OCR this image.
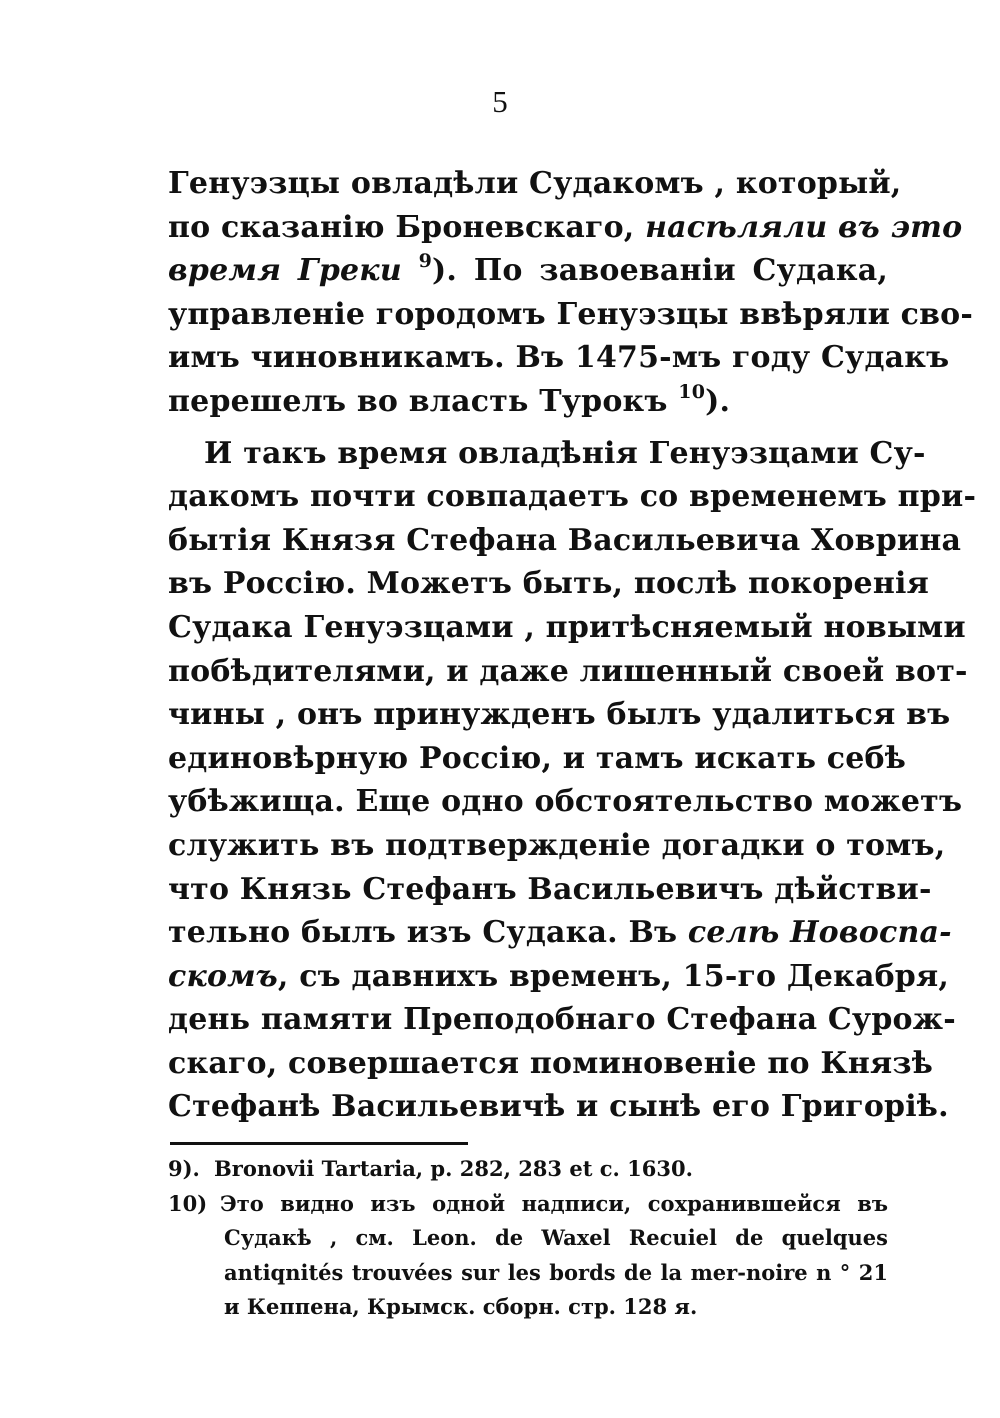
5
Генуэзцы овладѣли Судакомъ , который,
по сказанію Броневскаго, насѣляли въ это
время Греки $^9$). По завоеваніи Судака,
управленіе городомъ Генуэзцы ввѣряли сво-
имъ чиновникамъ. Въ 1475-мъ году Судакъ
перешелъ во власть Турокъ $^{10}$).
И такъ время овладѣнія Генуэзцами Су-
дакомъ почти совпадаетъ со временемъ при-
бытія Князя Стефана Васильевича Ховрина
въ Россію. Можетъ быть, послѣ покоренія
Судака Генуэзцами , притѣсняемый новыми
побѣдителями, и даже лишенный своей вот-
чины , онъ принужденъ былъ удалиться въ
единовѣрную Россію, и тамъ искать себѣ
убѣжища. Еще одно обстоятельство можетъ
служить въ подтвержденіе догадки о томъ,
что Князь Стефанъ Васильевичъ дѣйстви-
тельно былъ изъ Судака. Въ селѣ Новоспа-
скомъ, съ давнихъ временъ, 15-го Декабря,
день памяти Преподобнаго Стефана Сурож-
скаго, совершается поминовеніе по Князѣ
Стефанѣ Васильевичѣ и сынѣ его Григоріѣ.
9). Bronovii Tartaria, p. 282, 283 et c. 1630.
10) Это видно изъ одной надписи, сохранившейся въ
Судакѣ , см. Leon. de Waxel Recuiel de quelques
antiqnités trouvées sur les bords de la mer-noire n ° 21
и Кеппена, Крымск. сборн. стр. 128 я.
